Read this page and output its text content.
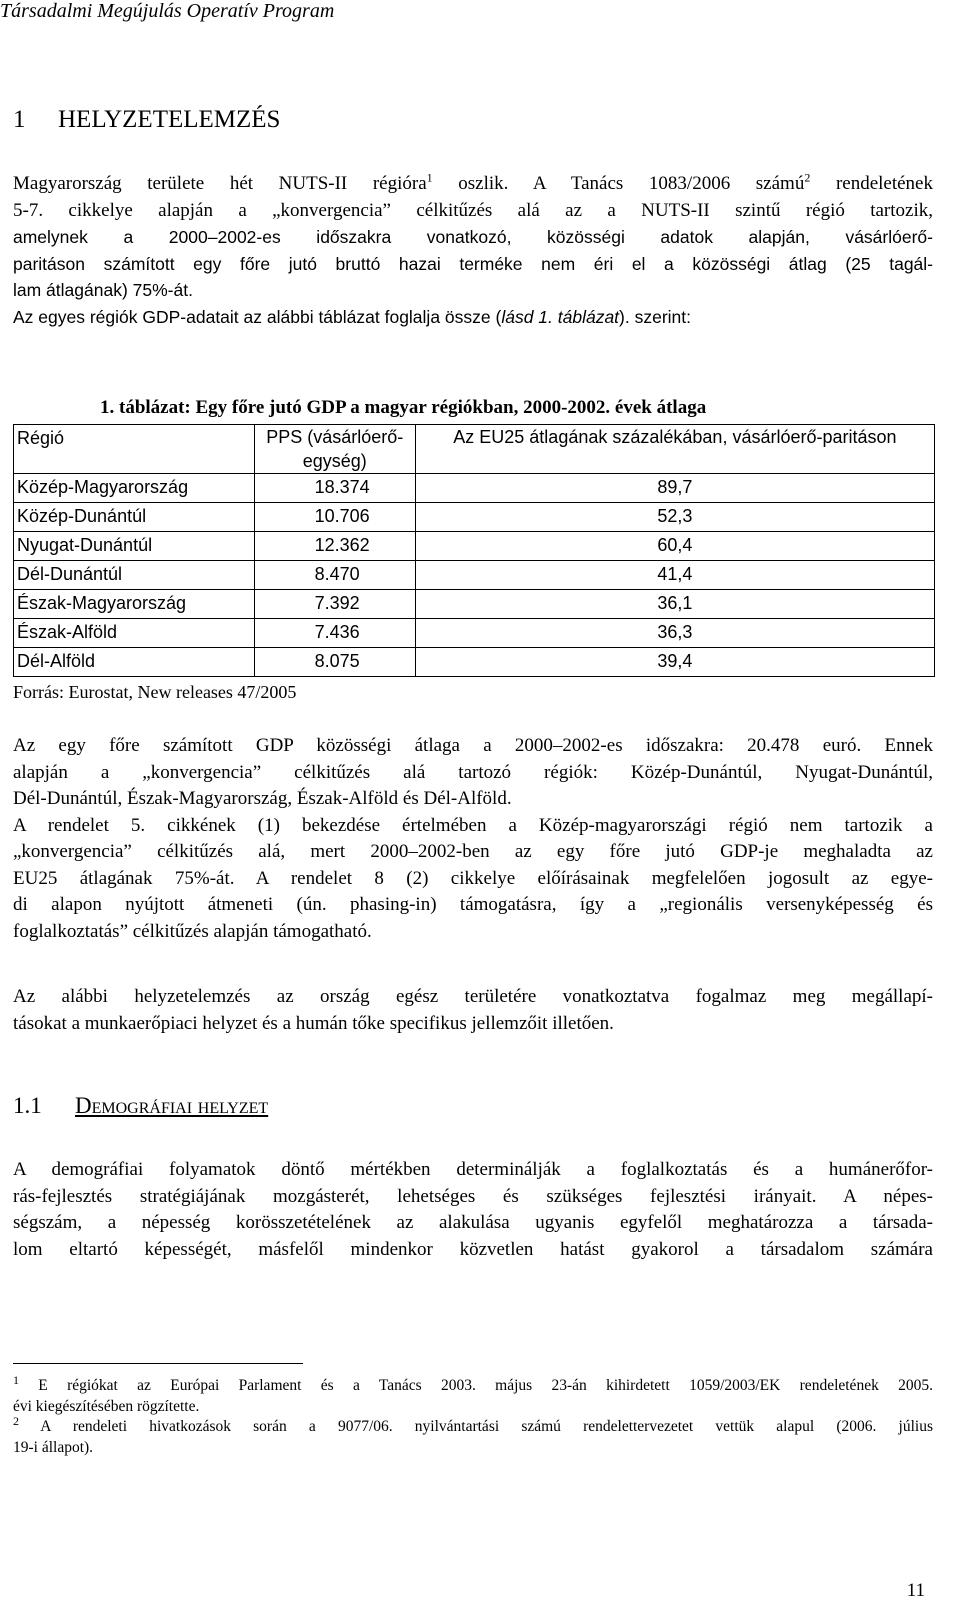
Társadalmi Megújulás Operatív Program
1 HELYZETELEMZÉS
Magyarország területe hét NUTS-II régióra$^1$ oszlik. A Tanács 1083/2006 számú$^2$ rendeletének
5-7. cikkelye alapján a „konvergencia” célkitűzés alá az a NUTS-II szintű régió tartozik,
amelynek a 2000–2002-es időszakra vonatkozó, közösségi adatok alapján, vásárlóerő-
paritáson számított egy főre jutó bruttó hazai terméke nem éri el a közösségi átlag (25 tagál-
lam átlagának) 75%-át.
Az egyes régiók GDP-adatait az alábbi táblázat foglalja össze (lásd 1. táblázat). szerint:
1. táblázat: Egy főre jutó GDP a magyar régiókban, 2000-2002. évek átlaga
Régió	PPS (vásárlóerő-egység)	Az EU25 átlagának százalékában, vásárlóerő-paritáson
Közép-Magyarország	18.374	89,7
Közép-Dunántúl	10.706	52,3
Nyugat-Dunántúl	12.362	60,4
Dél-Dunántúl	8.470	41,4
Észak-Magyarország	7.392	36,1
Észak-Alföld	7.436	36,3
Dél-Alföld	8.075	39,4
Forrás: Eurostat, New releases 47/2005
Az egy főre számított GDP közösségi átlaga a 2000–2002-es időszakra: 20.478 euró. Ennek
alapján a „konvergencia” célkitűzés alá tartozó régiók: Közép-Dunántúl, Nyugat-Dunántúl,
Dél-Dunántúl, Észak-Magyarország, Észak-Alföld és Dél-Alföld.
A rendelet 5. cikkének (1) bekezdése értelmében a Közép-magyarországi régió nem tartozik a
„konvergencia” célkitűzés alá, mert 2000–2002-ben az egy főre jutó GDP-je meghaladta az
EU25 átlagának 75%-át. A rendelet 8 (2) cikkelye előírásainak megfelelően jogosult az egye-
di alapon nyújtott átmeneti (ún. phasing-in) támogatásra, így a „regionális versenyképesség és
foglalkoztatás” célkitűzés alapján támogatható.
Az alábbi helyzetelemzés az ország egész területére vonatkoztatva fogalmaz meg megállapí-
tásokat a munkaerőpiaci helyzet és a humán tőke specifikus jellemzőit illetően.
1.1 Demográfiai helyzet
A demográfiai folyamatok döntő mértékben determinálják a foglalkoztatás és a humánerőfor-
rás-fejlesztés stratégiájának mozgásterét, lehetséges és szükséges fejlesztési irányait. A népes-
ségszám, a népesség korösszetételének az alakulása ugyanis egyfelől meghatározza a társada-
lom eltartó képességét, másfelől mindenkor közvetlen hatást gyakorol a társadalom számára
$^1$ E régiókat az Európai Parlament és a Tanács 2003. május 23-án kihirdetett 1059/2003/EK rendeletének 2005.
évi kiegészítésében rögzítette.
$^2$ A rendeleti hivatkozások során a 9077/06. nyilvántartási számú rendelettervezetet vettük alapul (2006. július
19-i állapot).
11
